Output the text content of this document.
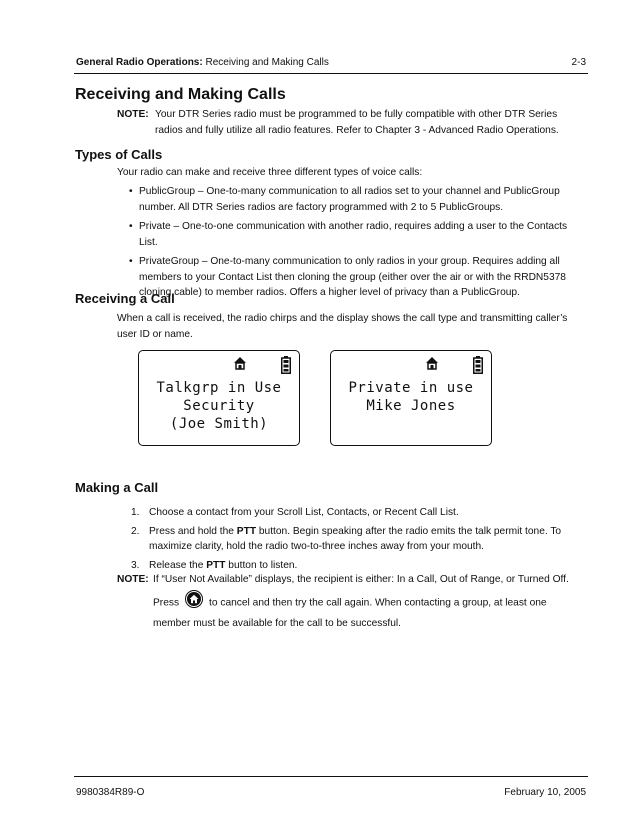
General Radio Operations: Receiving and Making Calls	2-3
Receiving and Making Calls
NOTE: Your DTR Series radio must be programmed to be fully compatible with other DTR Series
radios and fully utilize all radio features. Refer to Chapter 3 - Advanced Radio Operations.
Types of Calls
Your radio can make and receive three different types of voice calls:
• PublicGroup – One-to-many communication to all radios set to your channel and PublicGroup
number. All DTR Series radios are factory programmed with 2 to 5 PublicGroups.
• Private – One-to-one communication with another radio, requires adding a user to the Contacts
List.
• PrivateGroup – One-to-many communication to only radios in your group. Requires adding all
members to your Contact List then cloning the group (either over the air or with the RRDN5378
cloning cable) to member radios. Offers a higher level of privacy than a PublicGroup.
Receiving a Call
When a call is received, the radio chirps and the display shows the call type and transmitting caller’s
user ID or name.
Talkgrp in Use
Security
(Joe Smith)
Private in use
Mike Jones
Making a Call
1. Choose a contact from your Scroll List, Contacts, or Recent Call List.
2. Press and hold the PTT button. Begin speaking after the radio emits the talk permit tone. To
maximize clarity, hold the radio two-to-three inches away from your mouth.
3. Release the PTT button to listen.
NOTE: If “User Not Available” displays, the recipient is either: In a Call, Out of Range, or Turned Off.
Press	to cancel and then try the call again. When contacting a group, at least one
member must be available for the call to be successful.
9980384R89-O	February 10, 2005
